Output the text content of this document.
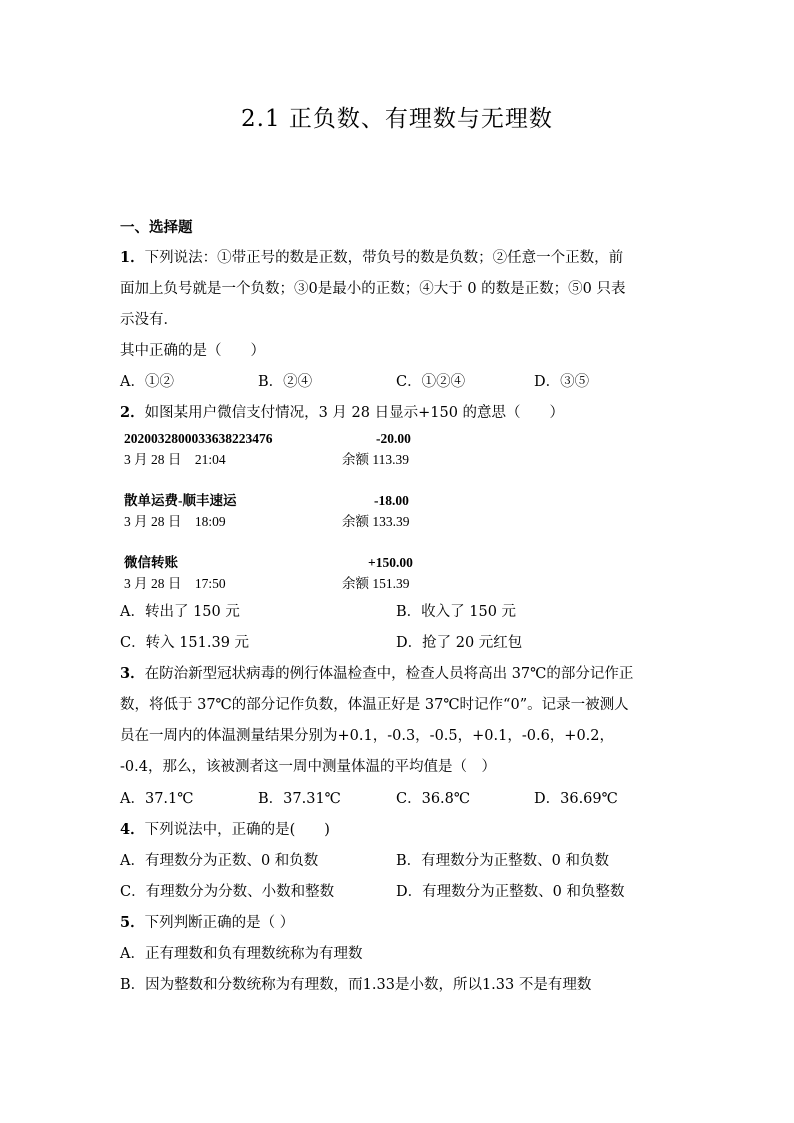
2.1 正负数、有理数与无理数
一、选择题
1．下列说法：①带正号的数是正数，带负号的数是负数；②任意一个正数，前
面加上负号就是一个负数；③0是最小的正数；④大于 0 的数是正数；⑤0 只表
示没有．
其中正确的是（　　）
A．①②	B．②④	C．①②④	D．③⑤
2．如图某用户微信支付情况，3 月 28 日显示+150 的意思（　　）
2020032800033638223476	-20.00
3 月 28 日　21:04	余额 113.39
散单运费-顺丰速运	-18.00
3 月 28 日　18:09	余额 133.39
微信转账	+150.00
3 月 28 日　17:50	余额 151.39
A．转出了 150 元	B．收入了 150 元
C．转入 151.39 元	D．抢了 20 元红包
3．在防治新型冠状病毒的例行体温检查中，检查人员将高出 37℃的部分记作正
数，将低于 37℃的部分记作负数，体温正好是 37℃时记作“0”。记录一被测人
员在一周内的体温测量结果分别为+0.1，-0.3，-0.5，+0.1，-0.6，+0.2，
-0.4，那么，该被测者这一周中测量体温的平均值是（　）
A．37.1℃	B．37.31℃	C．36.8℃	D．36.69℃
4．下列说法中，正确的是(　　)
A．有理数分为正数、0 和负数	B．有理数分为正整数、0 和负数
C．有理数分为分数、小数和整数	D．有理数分为正整数、0 和负整数
5．下列判断正确的是（ ）
A．正有理数和负有理数统称为有理数
B．因为整数和分数统称为有理数，而1.33是小数，所以1.33 不是有理数
